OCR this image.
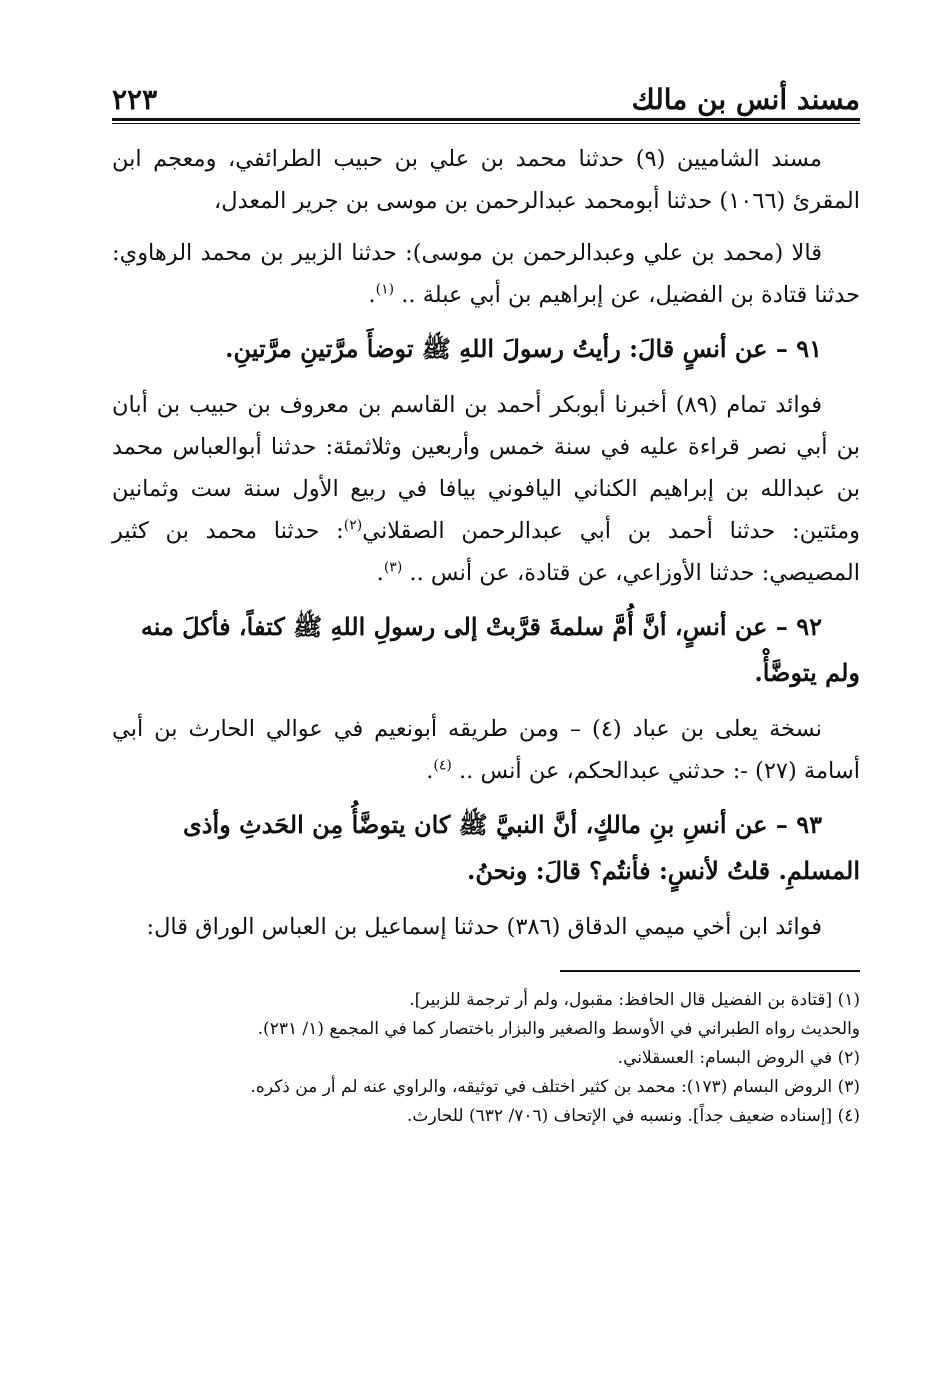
مسند أنس بن مالك
٢٢٣

مسند الشاميين (٩) حدثنا محمد بن علي بن حبيب الطرائفي، ومعجم ابن المقرئ (١٠٦٦) حدثنا أبومحمد عبدالرحمن بن موسى بن جرير المعدل،

قالا (محمد بن علي وعبدالرحمن بن موسى): حدثنا الزبير بن محمد الرهاوي: حدثنا قتادة بن الفضيل، عن إبراهيم بن أبي عبلة .. $^{(١)}$.

٩١ – عن أنسٍ قالَ: رأيتُ رسولَ اللهِ ﷺ توضأَ مرَّتينِ مرَّتينِ.

فوائد تمام (٨٩) أخبرنا أبوبكر أحمد بن القاسم بن معروف بن حبيب بن أبان بن أبي نصر قراءة عليه في سنة خمس وأربعين وثلاثمئة: حدثنا أبوالعباس محمد بن عبدالله بن إبراهيم الكناني اليافوني بيافا في ربيع الأول سنة ست وثمانين ومئتين: حدثنا أحمد بن أبي عبدالرحمن الصقلاني$^{(٢)}$: حدثنا محمد بن كثير المصيصي: حدثنا الأوزاعي، عن قتادة، عن أنس .. $^{(٣)}$.

٩٢ – عن أنسٍ، أنَّ أُمَّ سلمةَ قرَّبتْ إلى رسولِ اللهِ ﷺ كتفاً، فأكلَ منه ولم يتوضَّأْ.

نسخة يعلى بن عباد (٤) – ومن طريقه أبونعيم في عوالي الحارث بن أبي أسامة (٢٧) -: حدثني عبدالحكم، عن أنس .. $^{(٤)}$.

٩٣ – عن أنسِ بنِ مالكٍ، أنَّ النبيَّ ﷺ كان يتوضَّأُ مِن الحَدثِ وأذى المسلمِ. قلتُ لأنسٍ: فأنتُم؟ قالَ: ونحنُ.

فوائد ابن أخي ميمي الدقاق (٣٨٦) حدثنا إسماعيل بن العباس الوراق قال:

(١) [قتادة بن الفضيل قال الحافظ: مقبول، ولم أر ترجمة للزبير].

والحديث رواه الطبراني في الأوسط والصغير والبزار باختصار كما في المجمع (١/ ٢٣١).

(٢) في الروض البسام: العسقلاني.

(٣) الروض البسام (١٧٣): محمد بن كثير اختلف في توثيقه، والراوي عنه لم أر من ذكره.

(٤) [إسناده ضعيف جداً]. ونسبه في الإتحاف (٧٠٦/ ٦٣٢) للحارث.
